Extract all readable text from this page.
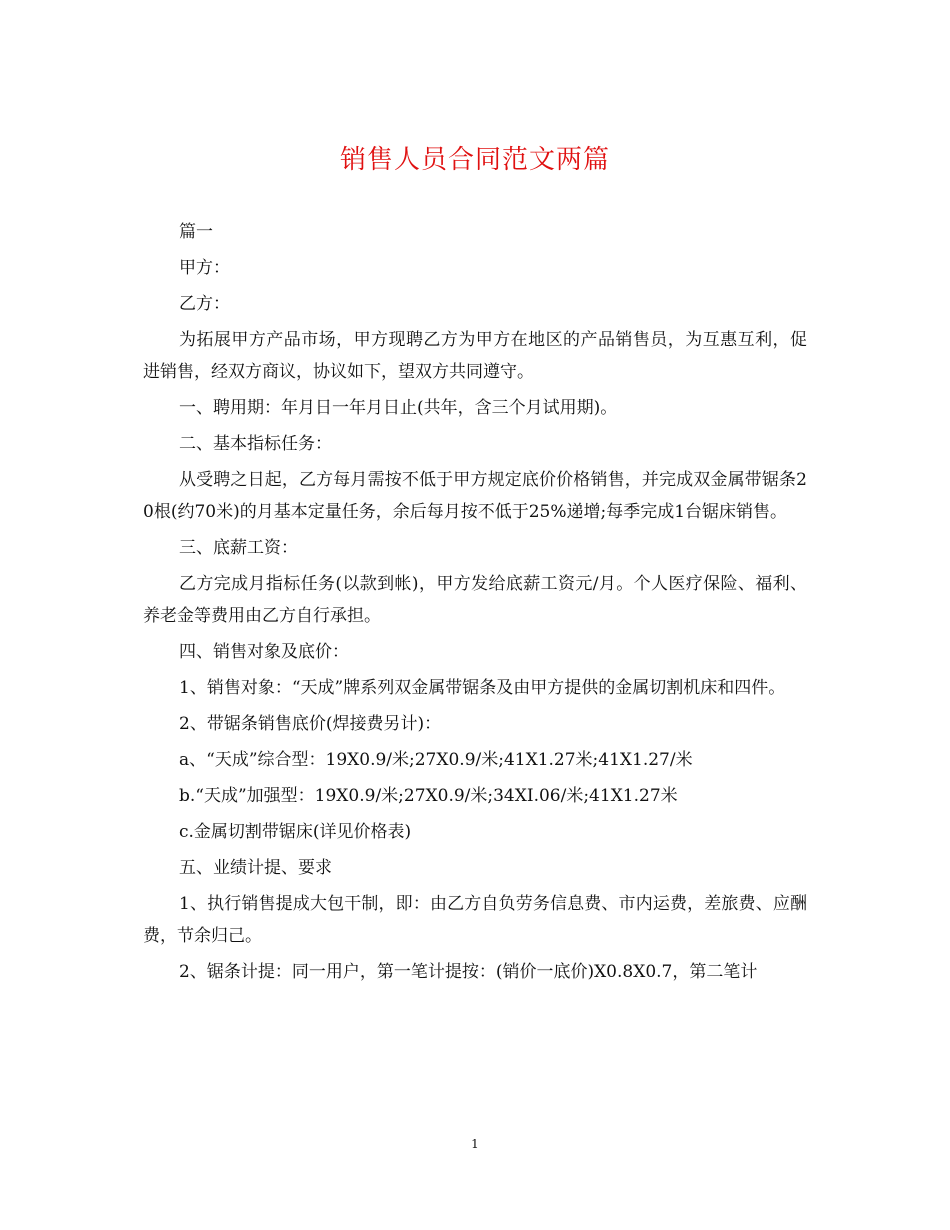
销售人员合同范文两篇

篇一

甲方：

乙方：

为拓展甲方产品市场，甲方现聘乙方为甲方在地区的产品销售员，为互惠互利，促进销售，经双方商议，协议如下，望双方共同遵守。

一、聘用期：年月日一年月日止(共年，含三个月试用期)。

二、基本指标任务：

从受聘之日起，乙方每月需按不低于甲方规定底价价格销售，并完成双金属带锯条20根(约70米)的月基本定量任务，余后每月按不低于25%递增;每季完成1台锯床销售。

三、底薪工资：

乙方完成月指标任务(以款到帐)，甲方发给底薪工资元/月。个人医疗保险、福利、养老金等费用由乙方自行承担。

四、销售对象及底价：

1、销售对象：“天成”牌系列双金属带锯条及由甲方提供的金属切割机床和四件。

2、带锯条销售底价(焊接费另计)：

a、“天成”综合型：19X0.9/米;27X0.9/米;41X1.27米;41X1.27/米

b.“天成”加强型：19X0.9/米;27X0.9/米;34XI.06/米;41X1.27米

c.金属切割带锯床(详见价格表)

五、业绩计提、要求

1、执行销售提成大包干制，即：由乙方自负劳务信息费、市内运费，差旅费、应酬费，节余归己。

2、锯条计提：同一用户，第一笔计提按：(销价一底价)X0.8X0.7，第二笔计

1
